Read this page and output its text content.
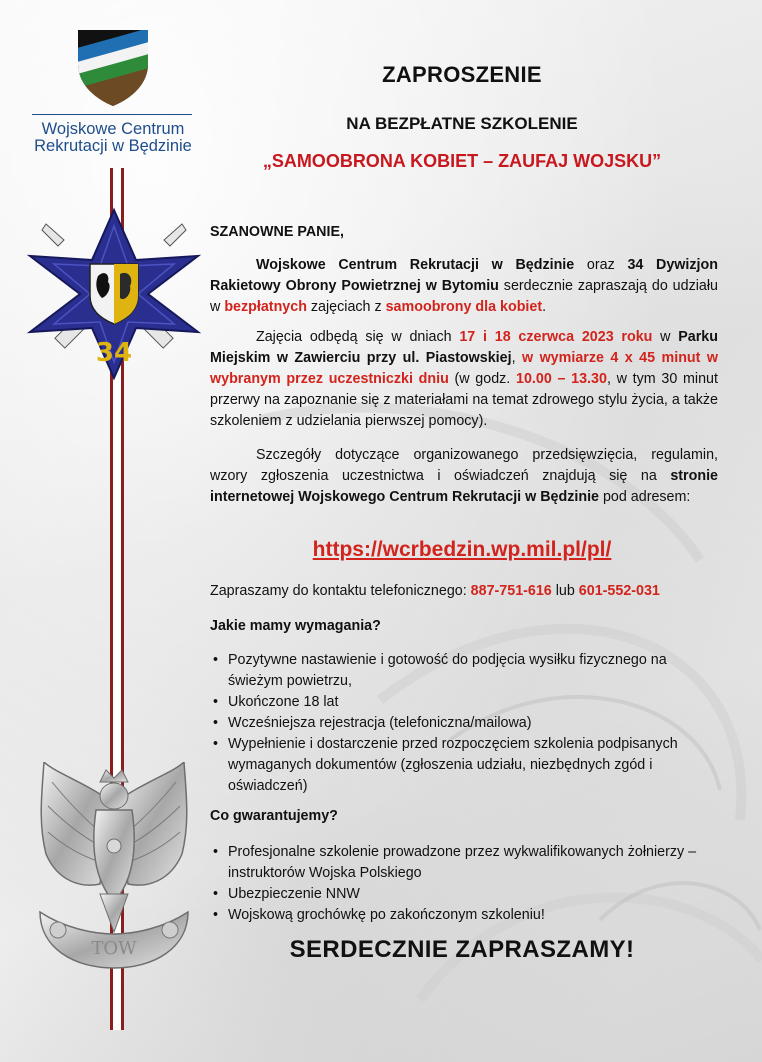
Wojskowe Centrum
Rekrutacji w Będzinie
34
TOW
ZAPROSZENIE
NA BEZPŁATNE SZKOLENIE
„SAMOOBRONA KOBIET – ZAUFAJ WOJSKU”
SZANOWNE PANIE,
Wojskowe Centrum Rekrutacji w Będzinie oraz 34 Dywizjon Rakietowy Obrony Powietrznej w Bytomiu serdecznie zapraszają do udziału w bezpłatnych zajęciach z samoobrony dla kobiet.
Zajęcia odbędą się w dniach 17 i 18 czerwca 2023 roku w Parku Miejskim w Zawierciu przy ul. Piastowskiej, w wymiarze 4 x 45 minut w wybranym przez uczestniczki dniu (w godz. 10.00 – 13.30, w tym 30 minut przerwy na zapoznanie się z materiałami na temat zdrowego stylu życia, a także szkoleniem z udzielania pierwszej pomocy).
Szczegóły dotyczące organizowanego przedsięwzięcia, regulamin, wzory zgłoszenia uczestnictwa i oświadczeń znajdują się na stronie internetowej Wojskowego Centrum Rekrutacji w Będzinie pod adresem:
https://wcrbedzin.wp.mil.pl/pl/
Zapraszamy do kontaktu telefonicznego: 887-751-616 lub 601-552-031
Jakie mamy wymagania?
• Pozytywne nastawienie i gotowość do podjęcia wysiłku fizycznego na świeżym powietrzu,
• Ukończone 18 lat
• Wcześniejsza rejestracja (telefoniczna/mailowa)
• Wypełnienie i dostarczenie przed rozpoczęciem szkolenia podpisanych wymaganych dokumentów (zgłoszenia udziału, niezbędnych zgód i oświadczeń)
Co gwarantujemy?
• Profesjonalne szkolenie prowadzone przez wykwalifikowanych żołnierzy – instruktorów Wojska Polskiego
• Ubezpieczenie NNW
• Wojskową grochówkę po zakończonym szkoleniu!
SERDECZNIE ZAPRASZAMY!
